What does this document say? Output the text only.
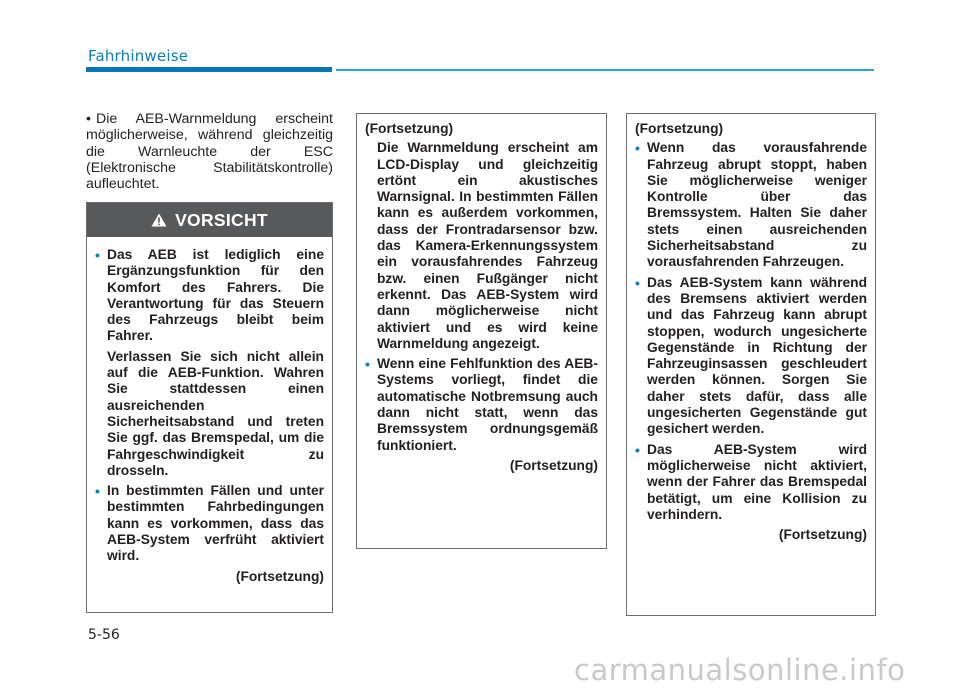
Fahrhinweise
• Die AEB-Warnmeldung erscheint möglicherweise, während gleichzeitig die Warnleuchte der ESC (Elektronische Stabilitätskontrolle) aufleuchtet.
VORSICHT
• Das AEB ist lediglich eine Ergänzungsfunktion für den Komfort des Fahrers. Die Verantwortung für das Steuern des Fahrzeugs bleibt beim Fahrer.
Verlassen Sie sich nicht allein auf die AEB-Funktion. Wahren Sie stattdessen einen ausreichenden Sicherheitsabstand und treten Sie ggf. das Bremspedal, um die Fahrgeschwindigkeit zu drosseln.
• In bestimmten Fällen und unter bestimmten Fahrbedingungen kann es vorkommen, dass das AEB-System verfrüht aktiviert wird.
(Fortsetzung)
(Fortsetzung)
Die Warnmeldung erscheint am LCD-Display und gleichzeitig ertönt ein akustisches Warnsignal. In bestimmten Fällen kann es außerdem vorkommen, dass der Frontradarsensor bzw. das Kamera-Erkennungssystem ein vorausfahrendes Fahrzeug bzw. einen Fußgänger nicht erkennt. Das AEB-System wird dann möglicherweise nicht aktiviert und es wird keine Warnmeldung angezeigt.
• Wenn eine Fehlfunktion des AEB-Systems vorliegt, findet die automatische Notbremsung auch dann nicht statt, wenn das Bremssystem ordnungsgemäß funktioniert.
(Fortsetzung)
(Fortsetzung)
• Wenn das vorausfahrende Fahrzeug abrupt stoppt, haben Sie möglicherweise weniger Kontrolle über das Bremssystem. Halten Sie daher stets einen ausreichenden Sicherheitsabstand zu vorausfahrenden Fahrzeugen.
• Das AEB-System kann während des Bremsens aktiviert werden und das Fahrzeug kann abrupt stoppen, wodurch ungesicherte Gegenstände in Richtung der Fahrzeuginsassen geschleudert werden können. Sorgen Sie daher stets dafür, dass alle ungesicherten Gegenstände gut gesichert werden.
• Das AEB-System wird möglicherweise nicht aktiviert, wenn der Fahrer das Bremspedal betätigt, um eine Kollision zu verhindern.
(Fortsetzung)
5-56
carmanualsonline.info
